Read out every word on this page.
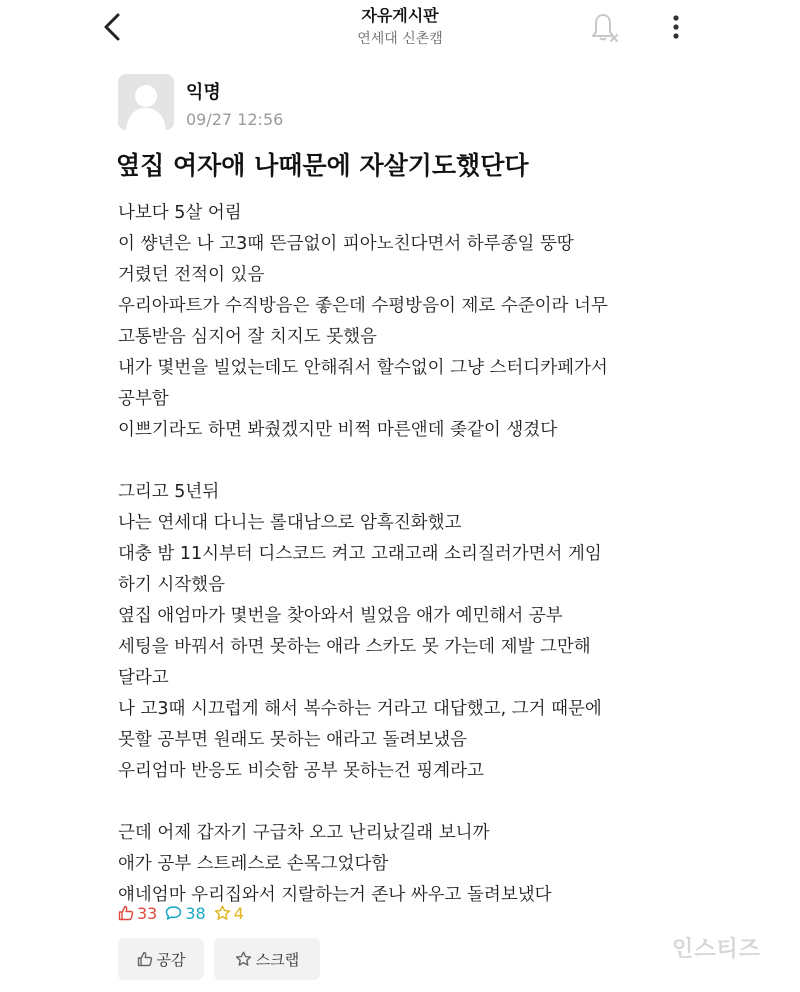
자유게시판
연세대 신촌캠
익명
09/27 12:56
옆집 여자애 나때문에 자살기도했단다
나보다 5살 어림
이 썅년은 나 고3때 뜬금없이 피아노친다면서 하루종일 뚱땅
거렸던 전적이 있음
우리아파트가 수직방음은 좋은데 수평방음이 제로 수준이라 너무
고통받음 심지어 잘 치지도 못했음
내가 몇번을 빌었는데도 안해줘서 할수없이 그냥 스터디카페가서
공부함
이쁘기라도 하면 봐줬겠지만 비쩍 마른앤데 좆같이 생겼다
그리고 5년뒤
나는 연세대 다니는 롤대남으로 암흑진화했고
대충 밤 11시부터 디스코드 켜고 고래고래 소리질러가면서 게임
하기 시작했음
옆집 애엄마가 몇번을 찾아와서 빌었음 애가 예민해서 공부
세팅을 바꿔서 하면 못하는 애라 스카도 못 가는데 제발 그만해
달라고
나 고3때 시끄럽게 해서 복수하는 거라고 대답했고, 그거 때문에
못할 공부면 원래도 못하는 애라고 돌려보냈음
우리엄마 반응도 비슷함 공부 못하는건 핑계라고
근데 어제 갑자기 구급차 오고 난리났길래 보니까
애가 공부 스트레스로 손목그었다함
얘네엄마 우리집와서 지랄하는거 존나 싸우고 돌려보냈다
33 38 4
공감	스크랩	인스티즈
